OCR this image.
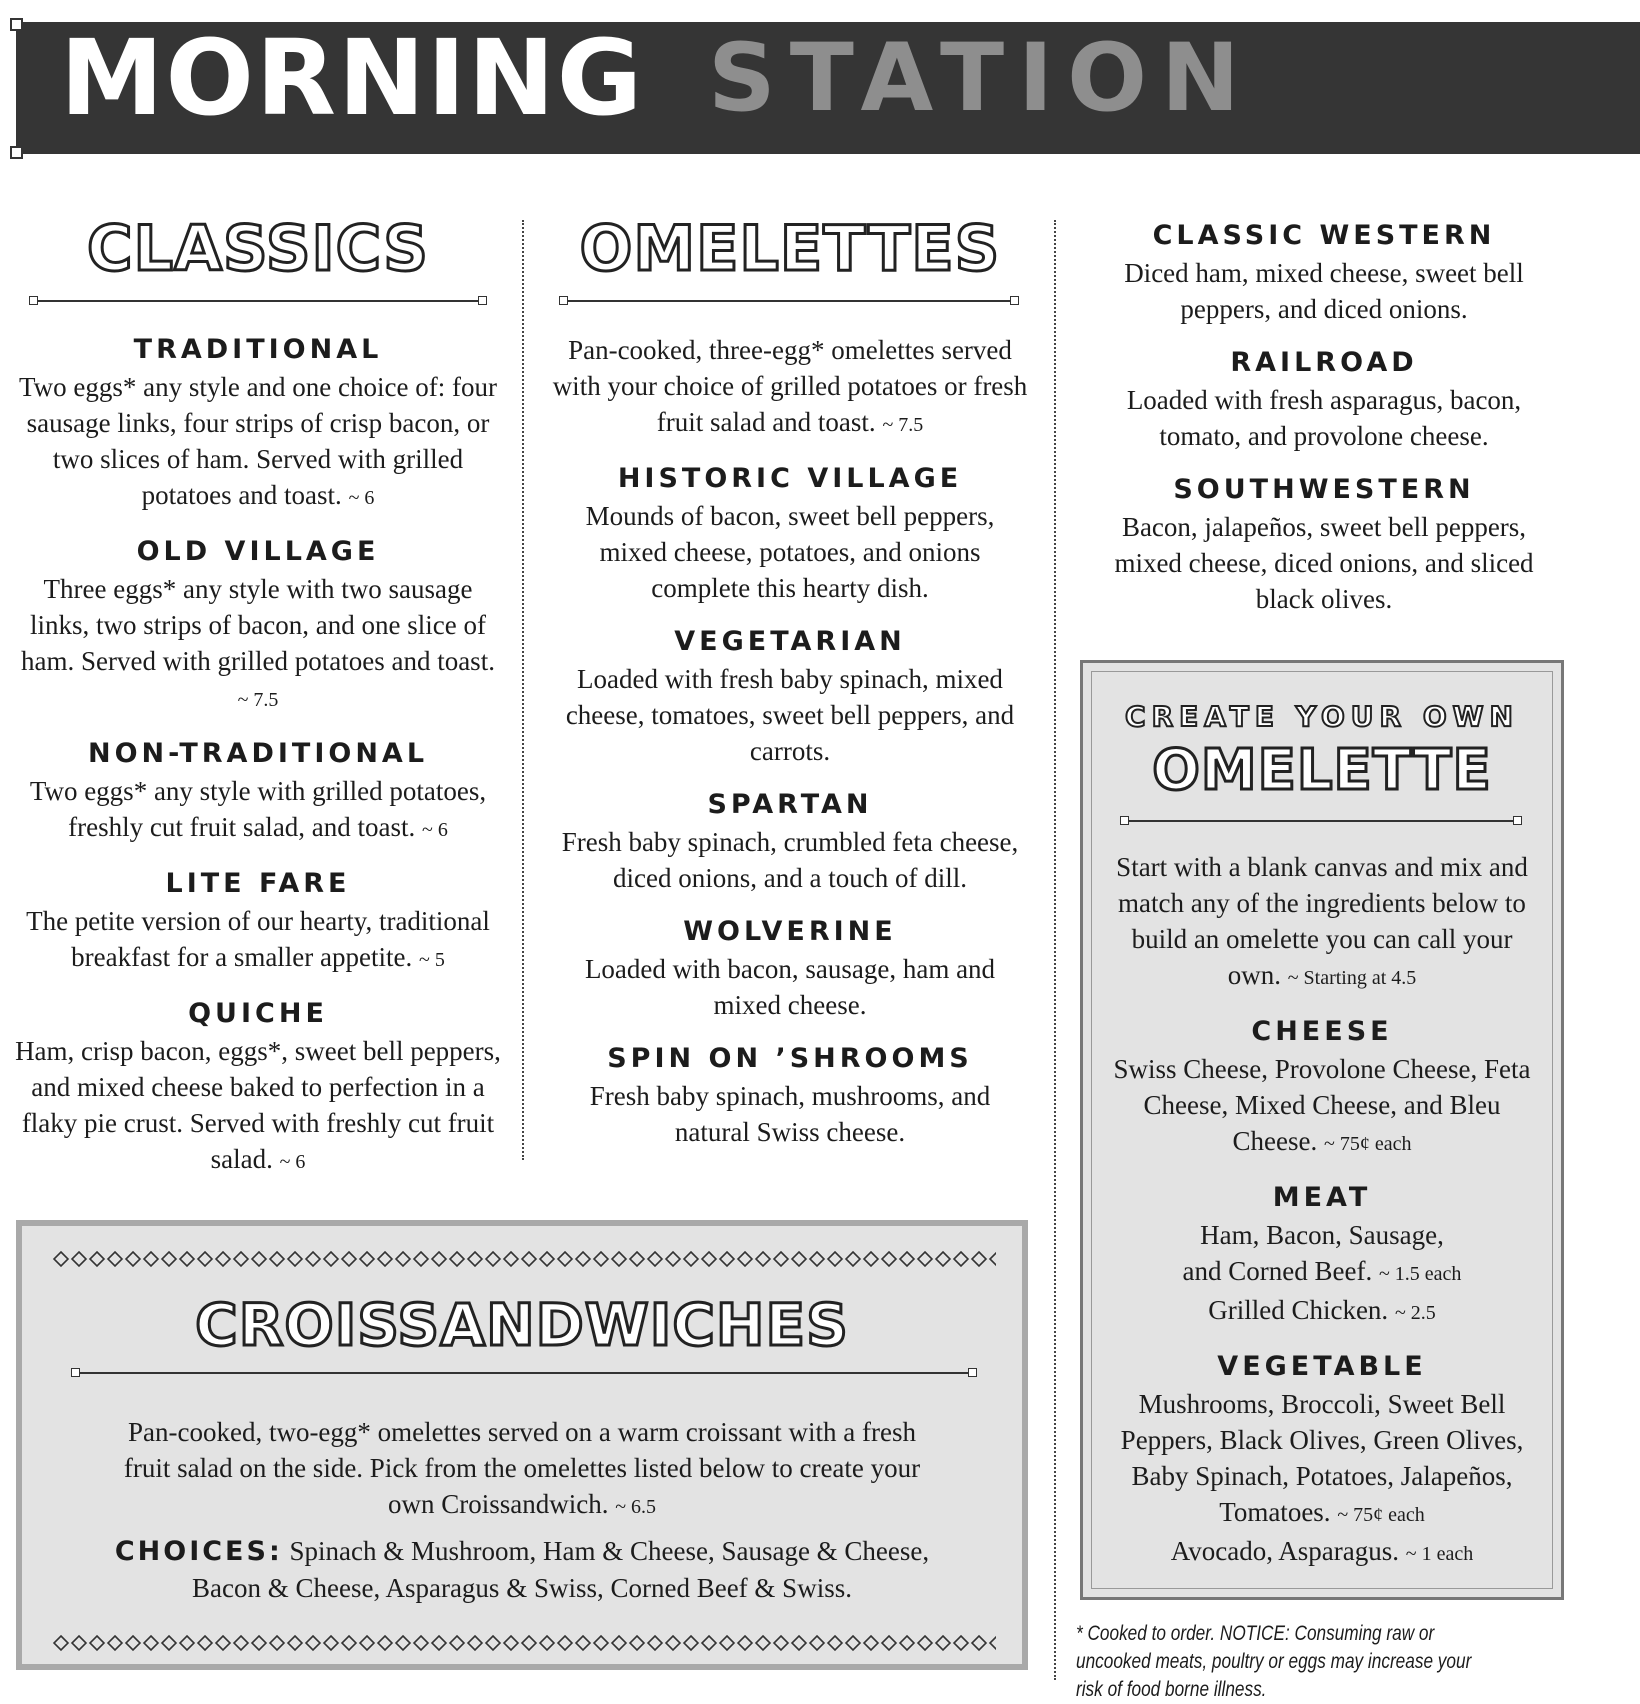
MORNING STATION
CLASSICS
TRADITIONAL
Two eggs* any style and one choice of: four sausage links, four strips of crisp bacon, or two slices of ham. Served with grilled potatoes and toast. ~ 6
OLD VILLAGE
Three eggs* any style with two sausage links, two strips of bacon, and one slice of ham. Served with grilled potatoes and toast. ~ 7.5
NON-TRADITIONAL
Two eggs* any style with grilled potatoes, freshly cut fruit salad, and toast. ~ 6
LITE FARE
The petite version of our hearty, traditional breakfast for a smaller appetite. ~ 5
QUICHE
Ham, crisp bacon, eggs*, sweet bell peppers, and mixed cheese baked to perfection in a flaky pie crust. Served with freshly cut fruit salad. ~ 6
OMELETTES
Pan-cooked, three-egg* omelettes served with your choice of grilled potatoes or fresh fruit salad and toast. ~ 7.5
HISTORIC VILLAGE
Mounds of bacon, sweet bell peppers, mixed cheese, potatoes, and onions complete this hearty dish.
VEGETARIAN
Loaded with fresh baby spinach, mixed cheese, tomatoes, sweet bell peppers, and carrots.
SPARTAN
Fresh baby spinach, crumbled feta cheese, diced onions, and a touch of dill.
WOLVERINE
Loaded with bacon, sausage, ham and mixed cheese.
SPIN ON ’SHROOMS
Fresh baby spinach, mushrooms, and natural Swiss cheese.
CLASSIC WESTERN
Diced ham, mixed cheese, sweet bell peppers, and diced onions.
RAILROAD
Loaded with fresh asparagus, bacon, tomato, and provolone cheese.
SOUTHWESTERN
Bacon, jalapeños, sweet bell peppers, mixed cheese, diced onions, and sliced black olives.
CREATE YOUR OWN
OMELETTE
Start with a blank canvas and mix and match any of the ingredients below to build an omelette you can call your own. ~ Starting at 4.5
CHEESE
Swiss Cheese, Provolone Cheese, Feta Cheese, Mixed Cheese, and Bleu Cheese. ~ 75¢ each
MEAT
Ham, Bacon, Sausage,
and Corned Beef. ~ 1.5 each
Grilled Chicken. ~ 2.5
VEGETABLE
Mushrooms, Broccoli, Sweet Bell Peppers, Black Olives, Green Olives, Baby Spinach, Potatoes, Jalapeños, Tomatoes. ~ 75¢ each
Avocado, Asparagus. ~ 1 each
CROISSANDWICHES
Pan-cooked, two-egg* omelettes served on a warm croissant with a fresh fruit salad on the side. Pick from the omelettes listed below to create your own Croissandwich. ~ 6.5
CHOICES: Spinach & Mushroom, Ham & Cheese, Sausage & Cheese, Bacon & Cheese, Asparagus & Swiss, Corned Beef & Swiss.
* Cooked to order. NOTICE: Consuming raw or uncooked meats, poultry or eggs may increase your risk of food borne illness.
